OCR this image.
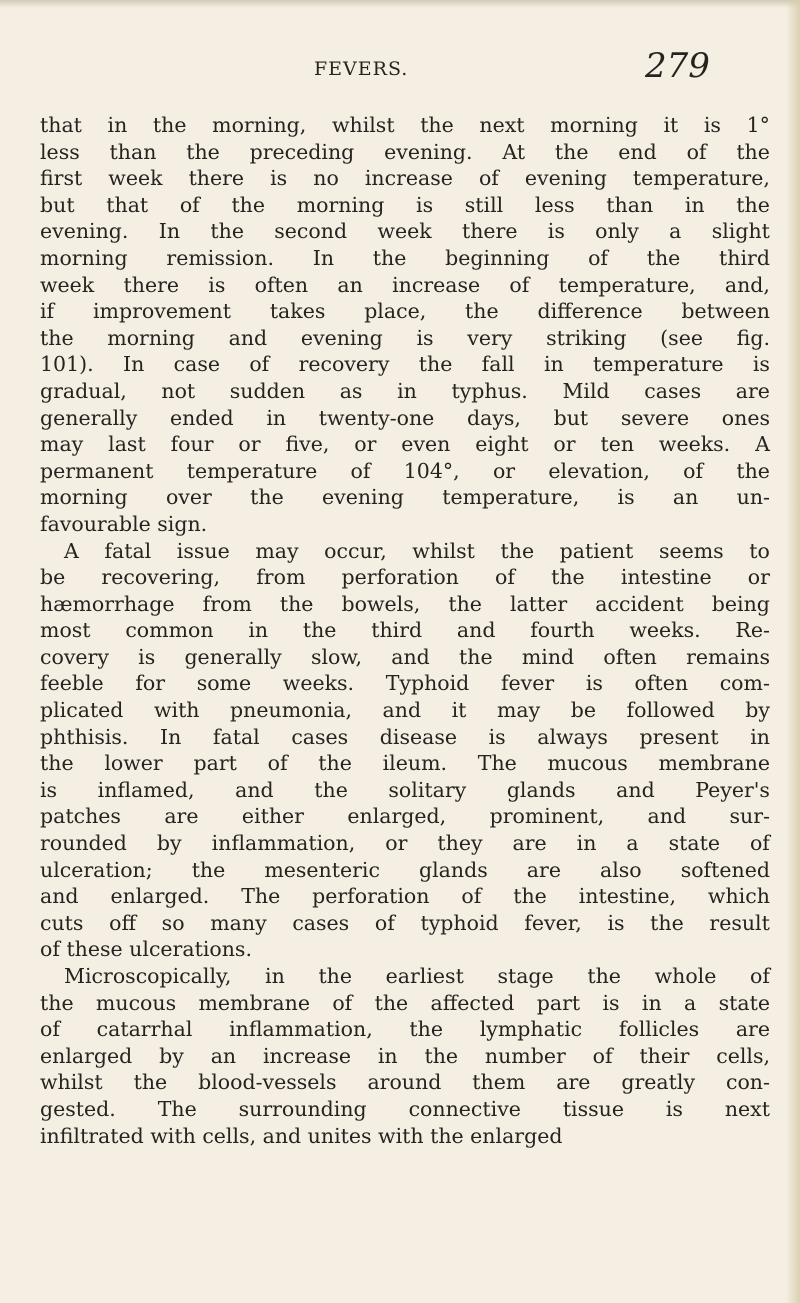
FEVERS.	279
that in the morning, whilst the next morning it is 1°
less than the preceding evening. At the end of the
first week there is no increase of evening temperature,
but that of the morning is still less than in the
evening. In the second week there is only a slight
morning remission. In the beginning of the third
week there is often an increase of temperature, and,
if improvement takes place, the difference between
the morning and evening is very striking (see fig.
101). In case of recovery the fall in temperature is
gradual, not sudden as in typhus. Mild cases are
generally ended in twenty-one days, but severe ones
may last four or five, or even eight or ten weeks. A
permanent temperature of 104°, or elevation, of the
morning over the evening temperature, is an un-
favourable sign.
A fatal issue may occur, whilst the patient seems to
be recovering, from perforation of the intestine or
hæmorrhage from the bowels, the latter accident being
most common in the third and fourth weeks. Re-
covery is generally slow, and the mind often remains
feeble for some weeks. Typhoid fever is often com-
plicated with pneumonia, and it may be followed by
phthisis. In fatal cases disease is always present in
the lower part of the ileum. The mucous membrane
is inflamed, and the solitary glands and Peyer's
patches are either enlarged, prominent, and sur-
rounded by inflammation, or they are in a state of
ulceration; the mesenteric glands are also softened
and enlarged. The perforation of the intestine, which
cuts off so many cases of typhoid fever, is the result
of these ulcerations.
Microscopically, in the earliest stage the whole of
the mucous membrane of the affected part is in a state
of catarrhal inflammation, the lymphatic follicles are
enlarged by an increase in the number of their cells,
whilst the blood-vessels around them are greatly con-
gested. The surrounding connective tissue is next
infiltrated with cells, and unites with the enlarged
